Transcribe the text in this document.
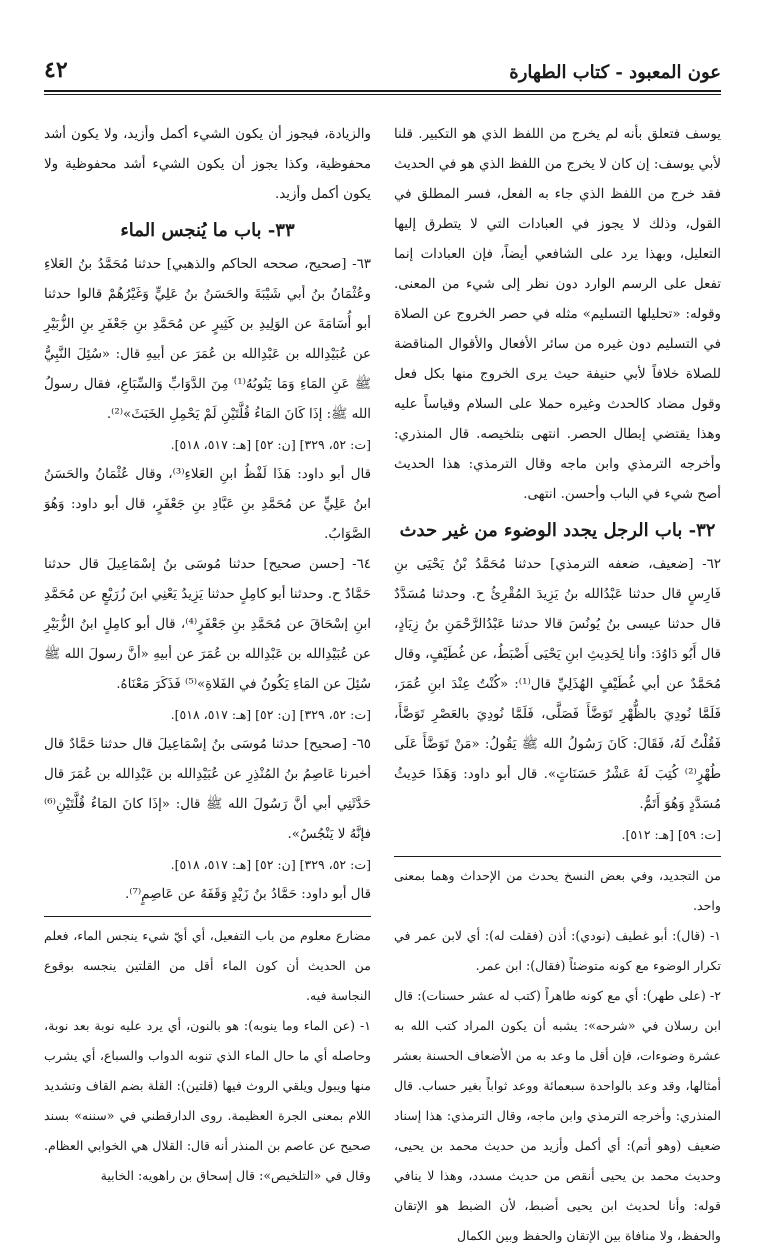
عون المعبود - كتاب الطهارة
٤٢

يوسف فتعلق بأنه لم يخرج من اللفظ الذي هو التكبير. قلنا لأبي يوسف: إن كان لا يخرج من اللفظ الذي هو في الحديث فقد خرج من اللفظ الذي جاء به الفعل، فسر المطلق في القول، وذلك لا يجوز في العبادات التي لا يتطرق إليها التعليل، وبهذا يرد على الشافعي أيضاً، فإن العبادات إنما تفعل على الرسم الوارد دون نظر إلى شيء من المعنى. وقوله: «تحليلها التسليم» مثله في حصر الخروج عن الصلاة في التسليم دون غيره من سائر الأفعال والأقوال المناقضة للصلاة خلافاً لأبي حنيفة حيث يرى الخروج منها بكل فعل وقول مضاد كالحدث وغيره حملا على السلام وقياساً عليه وهذا يقتضي إبطال الحصر. انتهى بتلخيصه. قال المنذري: وأخرجه الترمذي وابن ماجه وقال الترمذي: هذا الحديث أصح شيء في الباب وأحسن. انتهى.

٣٢- باب الرجل يجدد الوضوء من غير حدث

٦٢- [ضعيف، ضعفه الترمذي] حدثنا مُحَمَّدُ بْنُ يَحْيَى بنِ فَارِسٍ قال حدثنا عَبْدُالله بنُ يَزِيدَ المُقْرِئُ ح. وحدثنا مُسَدَّدٌ قال حدثنا عيسى بنُ يُونُسَ قالا حدثنا عَبْدُالرَّحْمَنِ بنُ زِيَادٍ، قال أَبُو دَاوُدَ: وأنا لِحَدِيثِ ابنِ يَحْيَى أَضْبَطُ، عن غُطَيْفٍ، وقال مُحَمَّدٌ عن أبي غُطَيْفٍ الهُذَلِيِّ قال⁽¹⁾: «كُنْتُ عِنْدَ ابنِ عُمَرَ، فَلَمَّا نُودِيَ بالظُّهْرِ تَوَضَّأَ فَصَلَّى، فَلَمَّا نُودِيَ بالعَصْرِ تَوَضَّأَ، فَقُلْتُ لَهُ، فَقَالَ: كَانَ رَسُولُ الله ﷺ يَقُولُ: «مَنْ تَوَضَّأَ عَلَى طُهْرٍ⁽²⁾ كُتِبَ لَهُ عَشْرُ حَسَنَاتٍ». قال أبو داود: وَهَذَا حَدِيثُ مُسَدَّدٍ وَهُوَ أَتَمُّ.

[ت: ٥٩] [هـ: ٥١٢].

من التجديد، وفي بعض النسخ يحدث من الإحداث وهما بمعنى واحد.

١- (قال): أبو غطيف (نودي): أذن (فقلت له): أي لابن عمر في تكرار الوضوء مع كونه متوضئاً (فقال): ابن عمر.

٢- (على طهر): أي مع كونه طاهراً (كتب له عشر حسنات): قال ابن رسلان في «شرحه»: يشبه أن يكون المراد كتب الله به عشرة وضوءات، فإن أقل ما وعد به من الأضعاف الحسنة بعشر أمثالها، وقد وعد بالواحدة سبعمائة ووعد ثواباً بغير حساب. قال المنذري: وأخرجه الترمذي وابن ماجه، وقال الترمذي: هذا إسناد ضعيف (وهو أتم): أي أكمل وأزيد من حديث محمد بن يحيى، وحديث محمد بن يحيى أنقص من حديث مسدد، وهذا لا ينافي قوله: وأنا لحديث ابن يحيى أضبط، لأن الضبط هو الإتقان والحفظ، ولا منافاة بين الإتقان والحفظ وبين الكمال

والزيادة، فيجوز أن يكون الشيء أكمل وأزيد، ولا يكون أشد محفوظية، وكذا يجوز أن يكون الشيء أشد محفوظية ولا يكون أكمل وأزيد.

٣٣- باب ما يُنجس الماء

٦٣- [صحيح، صححه الحاكم والذهبي] حدثنا مُحَمَّدُ بنُ العَلاءِ وعُثْمَانُ بنُ أبي شَيْبَةَ والحَسَنُ بنُ عَلِيٍّ وَغَيْرُهُمْ قالوا حدثنا أبو أُسَامَةَ عن الوَلِيدِ بن كَثِيرٍ عن مُحَمَّدِ بنِ جَعْفَرِ بنِ الزُّبَيْرِ عن عُبَيْدِالله بن عَبْدِالله بن عُمَرَ عن أبيهِ قال: «سُئِلَ النَّبِيُّ ﷺ عَنِ المَاءِ وَمَا يَنُوبُهُ⁽¹⁾ مِنَ الدَّوَابِّ وَالسِّبَاعِ، فقال رسولُ الله ﷺ: إذَا كَانَ المَاءُ قُلَّتَيْنِ لَمْ يَحْمِلِ الخَبَثَ»⁽²⁾.

[ت: ٥٢، ٣٢٩] [ن: ٥٢] [هـ: ٥١٧، ٥١٨].

قال أبو داود: هَذَا لَفْظُ ابنِ العَلاءِ⁽³⁾، وقال عُثْمَانُ والحَسَنُ ابنُ عَلِيٍّ عن مُحَمَّدِ بنِ عَبَّادِ بنِ جَعْفَرٍ، قال أبو داود: وَهُوَ الصَّوَابُ.

٦٤- [حسن صحيح] حدثنا مُوسَى بنُ إسْمَاعِيلَ قال حدثنا حَمَّادٌ ح. وحدثنا أبو كامِلٍ حدثنا يَزِيدُ يَعْنِي ابنَ زُرَيْعٍ عن مُحَمَّدِ ابنِ إسْحَاقَ عن مُحَمَّدِ بنِ جَعْفَرٍ⁽⁴⁾، قال أبو كامِلٍ ابنُ الزُّبَيْرِ عن عُبَيْدِالله بن عَبْدِالله بن عُمَرَ عن أبيهِ «أنَّ رسولَ الله ﷺ سُئِلَ عن المَاءِ يَكُونُ في الفَلاةِ»⁽⁵⁾ فَذَكَرَ مَعْنَاهُ.

[ت: ٥٢، ٣٢٩] [ن: ٥٢] [هـ: ٥١٧، ٥١٨].

٦٥- [صحيح] حدثنا مُوسَى بنُ إسْمَاعِيلَ قال حدثنا حَمَّادٌ قال أخبرنا عَاصِمُ بنُ المُنْذِرِ عن عُبَيْدِالله بن عَبْدِالله بن عُمَرَ قال حَدَّثَنِي أبي أنَّ رَسُولَ الله ﷺ قال: «إذَا كانَ المَاءُ قُلَّتَيْنِ⁽⁶⁾ فإنَّهُ لا يَنْجُسُ».

[ت: ٥٢، ٣٢٩] [ن: ٥٢] [هـ: ٥١٧، ٥١٨].

قال أبو داود: حَمَّادُ بنُ زَيْدٍ وَقَفَهُ عن عَاصِمٍ⁽⁷⁾.

مضارع معلوم من باب التفعيل، أي أيّ شيء ينجس الماء، فعلم من الحديث أن كون الماء أقل من القلتين ينجسه بوقوع النجاسة فيه.

١- (عن الماء وما ينوبه): هو بالنون، أي يرد عليه نوبة بعد نوبة، وحاصله أي ما حال الماء الذي تنوبه الدواب والسباع، أي يشرب منها ويبول ويلقي الروث فيها (قلتين): القلة بضم القاف وتشديد اللام بمعنى الجرة العظيمة. روى الدارقطني في «سننه» بسند صحيح عن عاصم بن المنذر أنه قال: القلال هي الخوابي العظام. وقال في «التلخيص»: قال إسحاق بن راهويه: الخابية
